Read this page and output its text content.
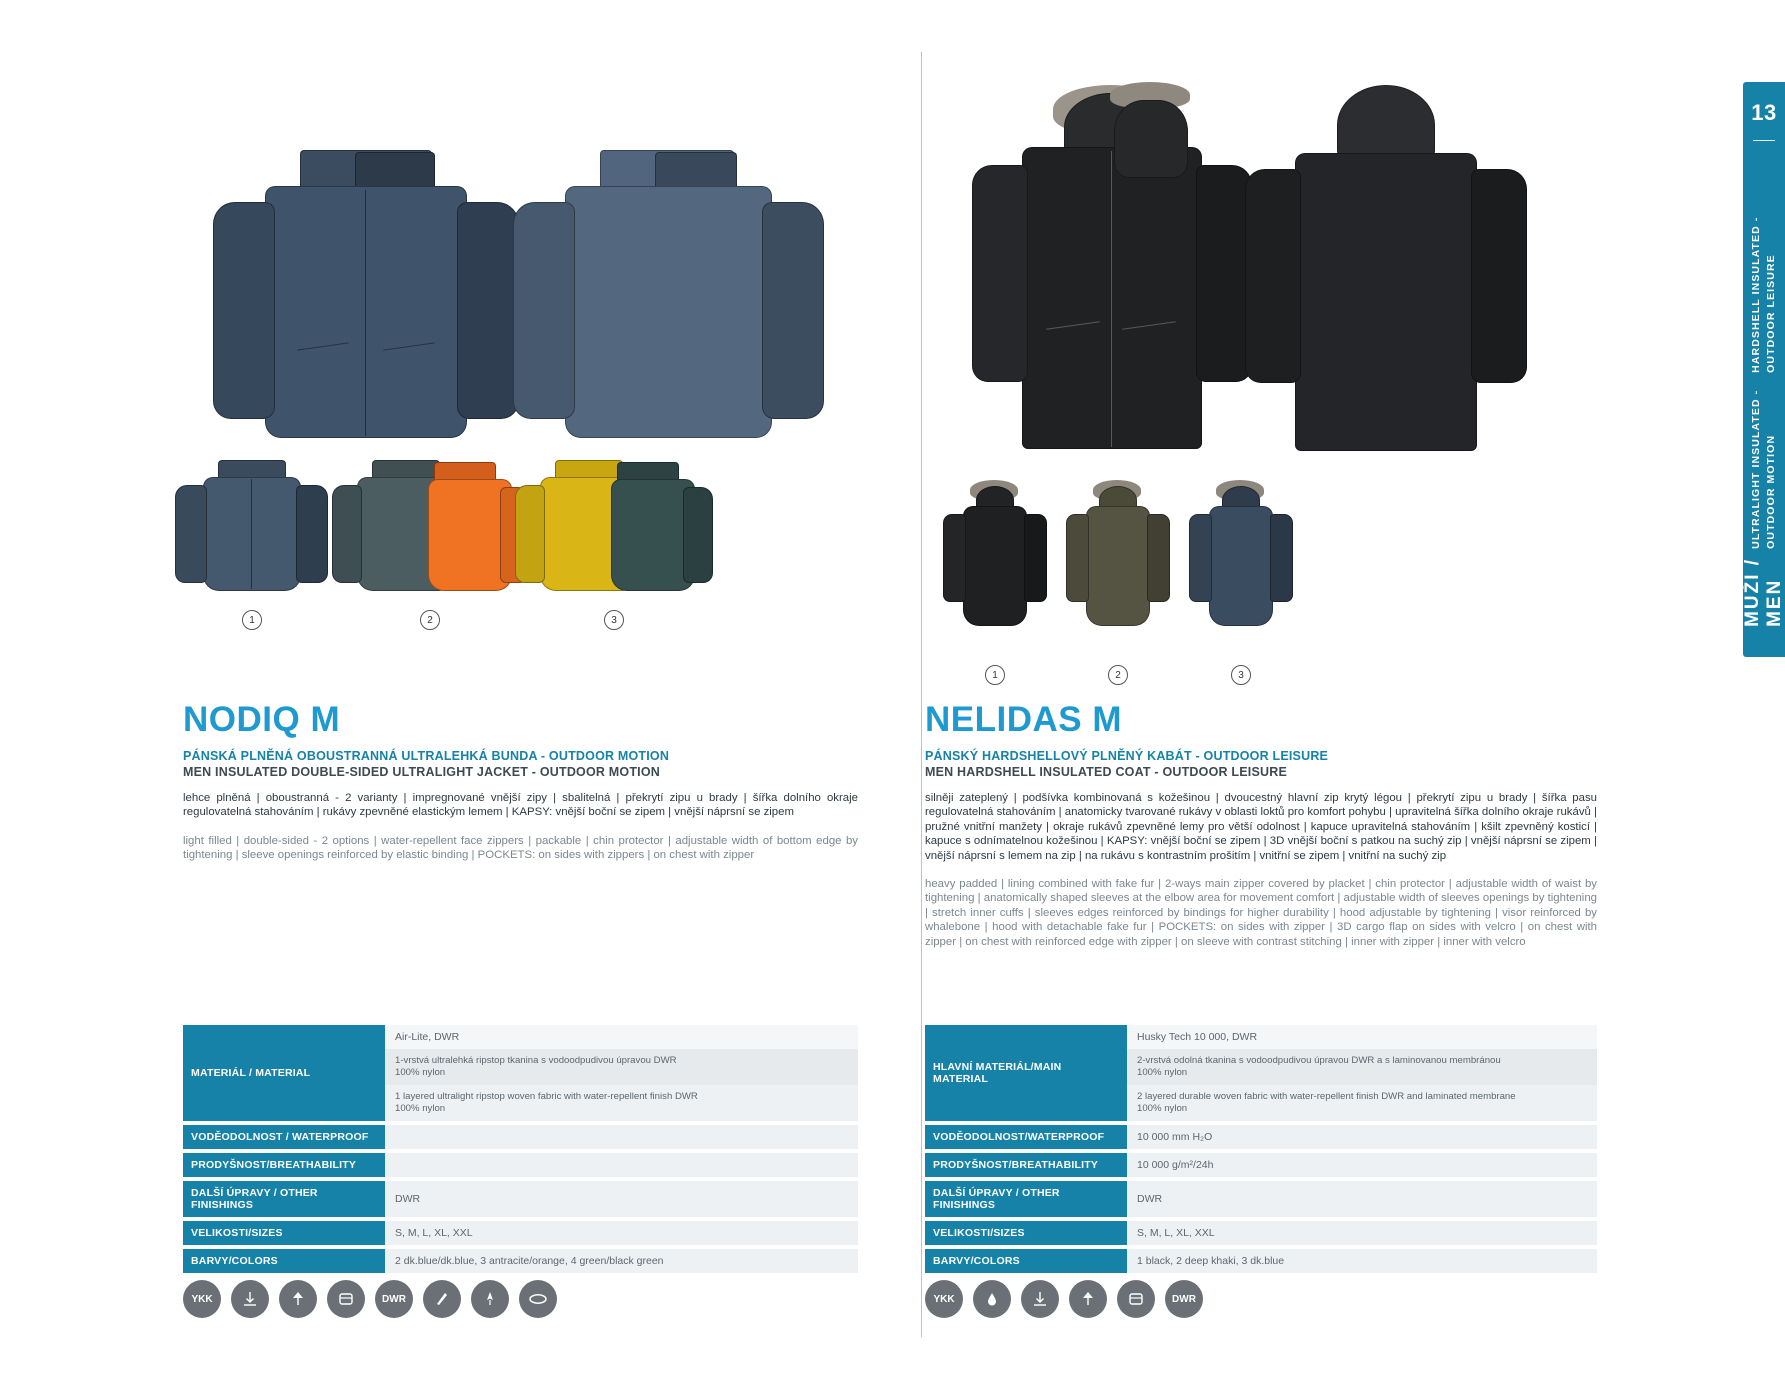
13
ULTRALIGHT INSULATED - OUTDOOR MOTION
HARDSHELL INSULATED - OUTDOOR LEISURE
MUŽI / MEN
1	2	3
NODIQ M
PÁNSKÁ PLNĚNÁ OBOUSTRANNÁ ULTRALEHKÁ BUNDA - OUTDOOR MOTION
MEN INSULATED DOUBLE-SIDED ULTRALIGHT JACKET - OUTDOOR MOTION
lehce plněná | oboustranná - 2 varianty | impregnované vnější zipy | sbalitelná | překrytí zipu u brady | šířka dolního okraje regulovatelná stahováním | rukávy zpevněné elastickým lemem | KAPSY: vnější boční se zipem | vnější náprsní se zipem
light filled | double-sided - 2 options | water-repellent face zippers | packable | chin protector | adjustable width of bottom edge by tightening | sleeve openings reinforced by elastic binding | POCKETS: on sides with zippers | on chest with zipper
MATERIÁL / MATERIAL	Air-Lite, DWR
	1-vrstvá ultralehká ripstop tkanina s vodoodpudivou úpravou DWR
100% nylon
	1 layered ultralight ripstop woven fabric with water-repellent finish DWR
100% nylon

VODĚODOLNOST / WATERPROOF	

PRODYŠNOST/BREATHABILITY	

DALŠÍ ÚPRAVY / OTHER FINISHINGS	DWR

VELIKOSTI/SIZES	S, M, L, XL, XXL

BARVY/COLORS	2 dk.blue/dk.blue, 3 antracite/orange, 4 green/black green
YKK	DWR
1	2	3
NELIDAS M
PÁNSKÝ HARDSHELLOVÝ PLNĚNÝ KABÁT - OUTDOOR LEISURE
MEN HARDSHELL INSULATED COAT - OUTDOOR LEISURE
silněji zateplený | podšívka kombinovaná s kožešinou | dvoucestný hlavní zip krytý légou | překrytí zipu u brady | šířka pasu regulovatelná stahováním | anatomicky tvarované rukávy v oblasti loktů pro komfort pohybu | upravitelná šířka dolního okraje rukávů | pružné vnitřní manžety | okraje rukávů zpevněné lemy pro větší odolnost | kapuce upravitelná stahováním | kšilt zpevněný kosticí | kapuce s odnímatelnou kožešinou | KAPSY: vnější boční se zipem | 3D vnější boční s patkou na suchý zip | vnější náprsní se zipem | vnější náprsní s lemem na zip | na rukávu s kontrastním prošitím | vnitřní se zipem | vnitřní na suchý zip
heavy padded | lining combined with fake fur | 2-ways main zipper covered by placket | chin protector | adjustable width of waist by tightening | anatomically shaped sleeves at the elbow area for movement comfort | adjustable width of sleeves openings by tightening | stretch inner cuffs | sleeves edges reinforced by bindings for higher durability | hood adjustable by tightening | visor reinforced by whalebone | hood with detachable fake fur | POCKETS: on sides with zipper | 3D cargo flap on sides with velcro | on chest with zipper | on chest with reinforced edge with zipper | on sleeve with contrast stitching | inner with zipper | inner with velcro
HLAVNÍ MATERIÁL/MAIN MATERIAL	Husky Tech 10 000, DWR
	2-vrstvá odolná tkanina s vodoodpudivou úpravou DWR a s laminovanou membránou
100% nylon
	2 layered durable woven fabric with water-repellent finish DWR and laminated membrane
100% nylon

VODĚODOLNOST/WATERPROOF	10 000 mm H₂O

PRODYŠNOST/BREATHABILITY	10 000 g/m²/24h

DALŠÍ ÚPRAVY / OTHER FINISHINGS	DWR

VELIKOSTI/SIZES	S, M, L, XL, XXL

BARVY/COLORS	1 black, 2 deep khaki, 3 dk.blue
YKK	DWR
